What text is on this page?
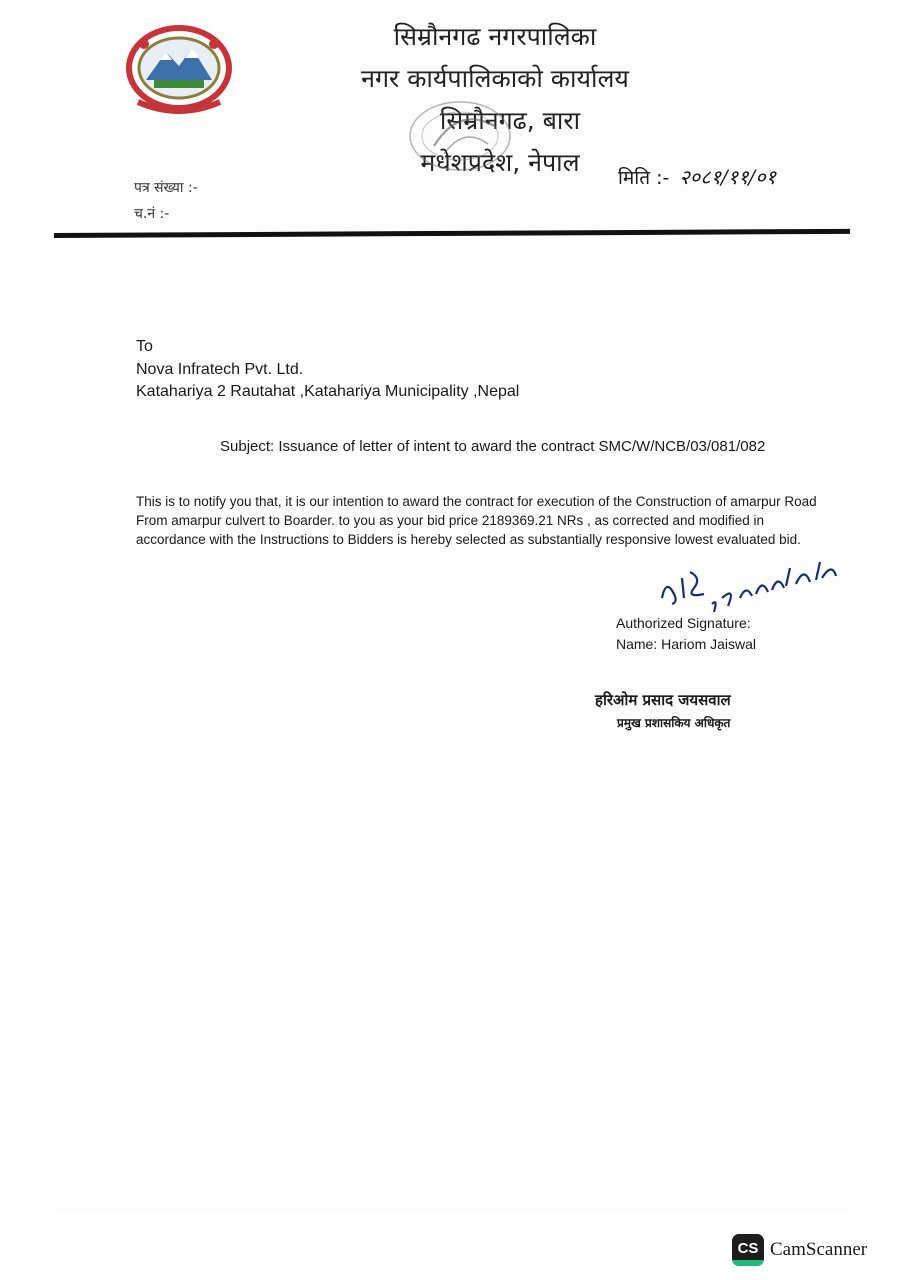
सिम्रौनगढ नगरपालिका
नगर कार्यपालिकाको कार्यालय
सिम्रौनगढ, बारा
मधेशप्रदेश, नेपाल
मिति :- २०८१/११/०१
पत्र संख्या :-
च.नं :-
To
Nova Infratech Pvt. Ltd.
Katahariya 2 Rautahat ,Katahariya Municipality ,Nepal
Subject: Issuance of letter of intent to award the contract SMC/W/NCB/03/081/082
This is to notify you that, it is our intention to award the contract for execution of the Construction of amarpur Road From amarpur culvert to Boarder. to you as your bid price 2189369.21 NRs , as corrected and modified in accordance with the Instructions to Bidders is hereby selected as substantially responsive lowest evaluated bid.
Authorized Signature:
Name: Hariom Jaiswal
हरिओम प्रसाद जयसवाल
प्रमुख प्रशासकिय अधिकृत
CS CamScanner
